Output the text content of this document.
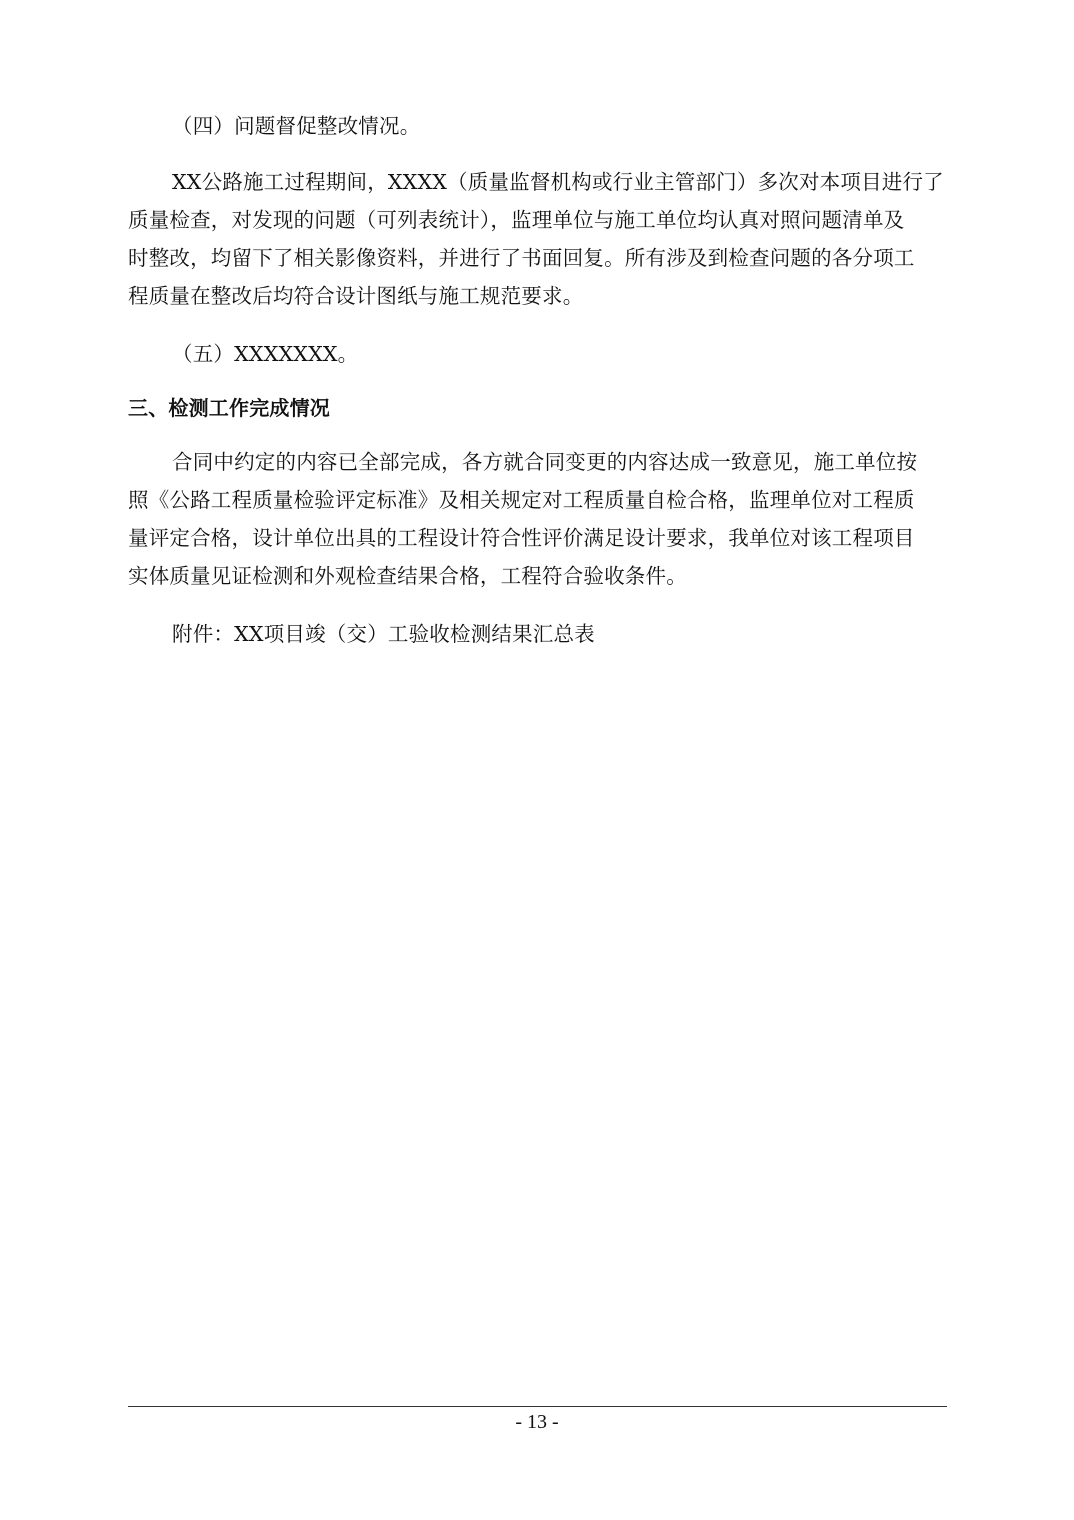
（四）问题督促整改情况。
XX公路施工过程期间，XXXX（质量监督机构或行业主管部门）多次对本项目进行了
质量检查，对发现的问题（可列表统计），监理单位与施工单位均认真对照问题清单及
时整改，均留下了相关影像资料，并进行了书面回复。所有涉及到检查问题的各分项工
程质量在整改后均符合设计图纸与施工规范要求。
（五）XXXXXXX。
三、检测工作完成情况
合同中约定的内容已全部完成，各方就合同变更的内容达成一致意见，施工单位按
照《公路工程质量检验评定标准》及相关规定对工程质量自检合格，监理单位对工程质
量评定合格，设计单位出具的工程设计符合性评价满足设计要求，我单位对该工程项目
实体质量见证检测和外观检查结果合格，工程符合验收条件。
附件：XX项目竣（交）工验收检测结果汇总表
- 13 -
